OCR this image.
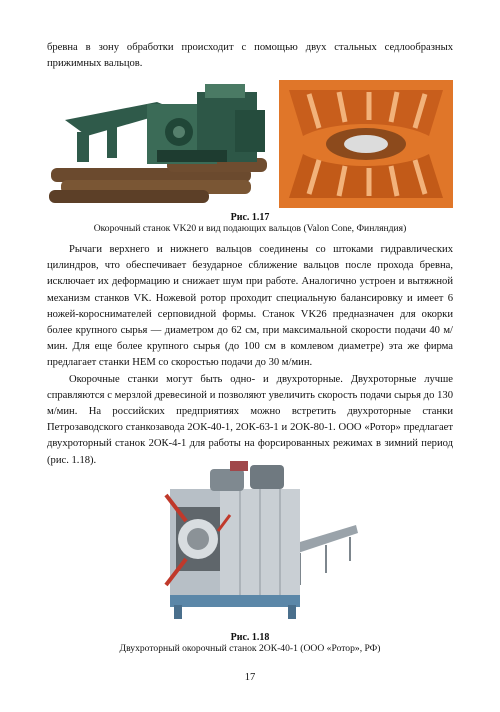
бревна в зону обработки происходит с помощью двух стальных седлообразных прижимных вальцов.

Рис. 1.17

Окорочный станок VK20 и вид подающих вальцов (Valon Cone, Финляндия)

Рычаги верхнего и нижнего вальцов соединены со штоками гидравлических цилиндров, что обеспечивает безударное сближение вальцов после прохода бревна, исключает их деформацию и снижает шум при работе. Аналогично устроен и вытяжной механизм станков VK. Ножевой ротор проходит специальную балансировку и имеет 6 ножей-короснимателей серповидной формы. Станок VK26 предназначен для окорки более крупного сырья — диаметром до 62 см, при максимальной скорости подачи 40 м/мин. Для еще более крупного сырья (до 100 см в комлевом диаметре) эта же фирма предлагает станки НЕМ со скоростью подачи до 30 м/мин.

Окорочные станки могут быть одно- и двухроторные. Двухроторные лучше справляются с мерзлой древесиной и позволяют увеличить скорость подачи сырья до 130 м/мин. На российских предприятиях можно встретить двухроторные станки Петрозаводского станкозавода 2ОК-40-1, 2ОК-63-1 и 2ОК-80-1. ООО «Ротор» предлагает двухроторный станок 2ОК-4-1 для работы на форсированных режимах в зимний период (рис. 1.18).

Рис. 1.18

Двухроторный окорочный станок 2ОК-40-1 (ООО «Ротор», РФ)

17
